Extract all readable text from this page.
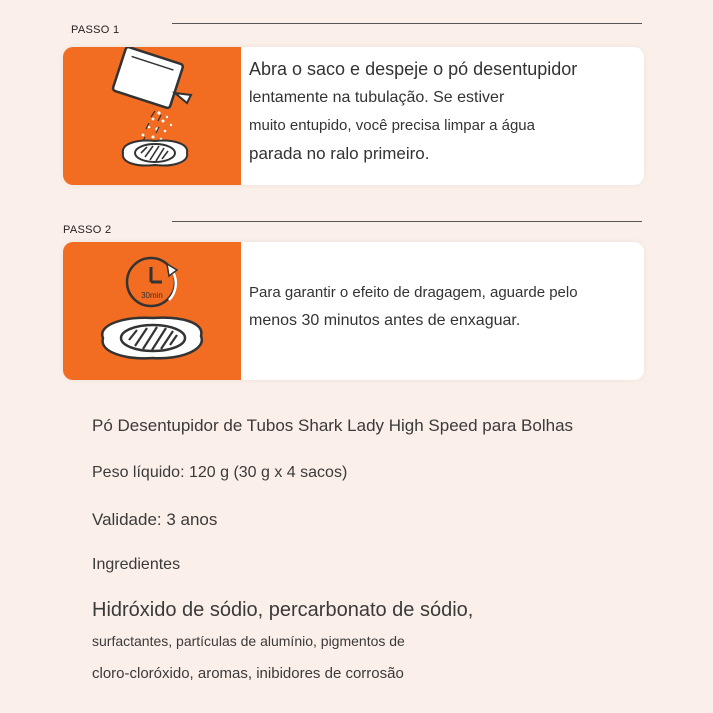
PASSO 1
Abra o saco e despeje o pó desentupidor
lentamente na tubulação. Se estiver
muito entupido, você precisa limpar a água
parada no ralo primeiro.
PASSO 2
30min	Para garantir o efeito de dragagem, aguarde pelo
menos 30 minutos antes de enxaguar.
Pó Desentupidor de Tubos Shark Lady High Speed para Bolhas
Peso líquido: 120 g (30 g x 4 sacos)
Validade: 3 anos
Ingredientes
Hidróxido de sódio, percarbonato de sódio,
surfactantes, partículas de alumínio, pigmentos de
cloro-cloróxido, aromas, inibidores de corrosão
